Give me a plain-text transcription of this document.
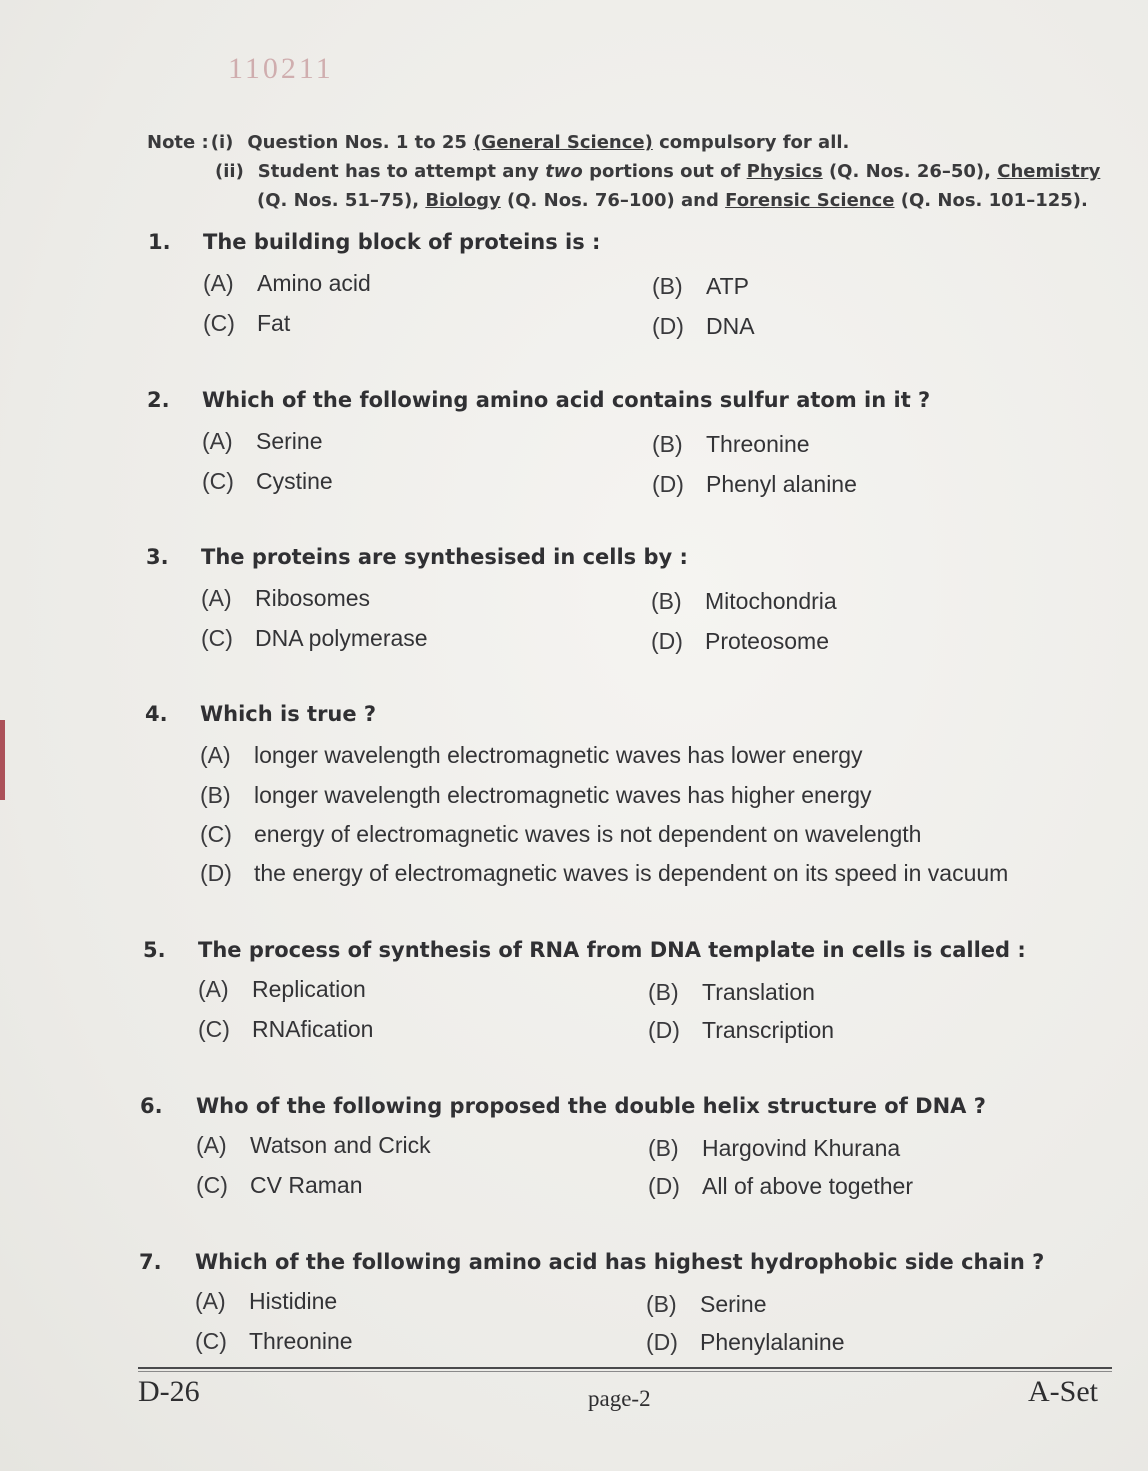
110211
Note : (i) Question Nos. 1 to 25 (General Science) compulsory for all.
(ii) Student has to attempt any two portions out of Physics (Q. Nos. 26–50), Chemistry
(Q. Nos. 51–75), Biology (Q. Nos. 76–100) and Forensic Science (Q. Nos. 101–125).
1. The building block of proteins is :
(A) Amino acid	(B) ATP
(C) Fat	(D) DNA
2. Which of the following amino acid contains sulfur atom in it ?
(A) Serine	(B) Threonine
(C) Cystine	(D) Phenyl alanine
3. The proteins are synthesised in cells by :
(A) Ribosomes	(B) Mitochondria
(C) DNA polymerase	(D) Proteosome
4. Which is true ?
(A) longer wavelength electromagnetic waves has lower energy
(B) longer wavelength electromagnetic waves has higher energy
(C) energy of electromagnetic waves is not dependent on wavelength
(D) the energy of electromagnetic waves is dependent on its speed in vacuum
5. The process of synthesis of RNA from DNA template in cells is called :
(A) Replication	(B) Translation
(C) RNAfication	(D) Transcription
6. Who of the following proposed the double helix structure of DNA ?
(A) Watson and Crick	(B) Hargovind Khurana
(C) CV Raman	(D) All of above together
7. Which of the following amino acid has highest hydrophobic side chain ?
(A) Histidine	(B) Serine
(C) Threonine	(D) Phenylalanine
D-26	page-2	A-Set
